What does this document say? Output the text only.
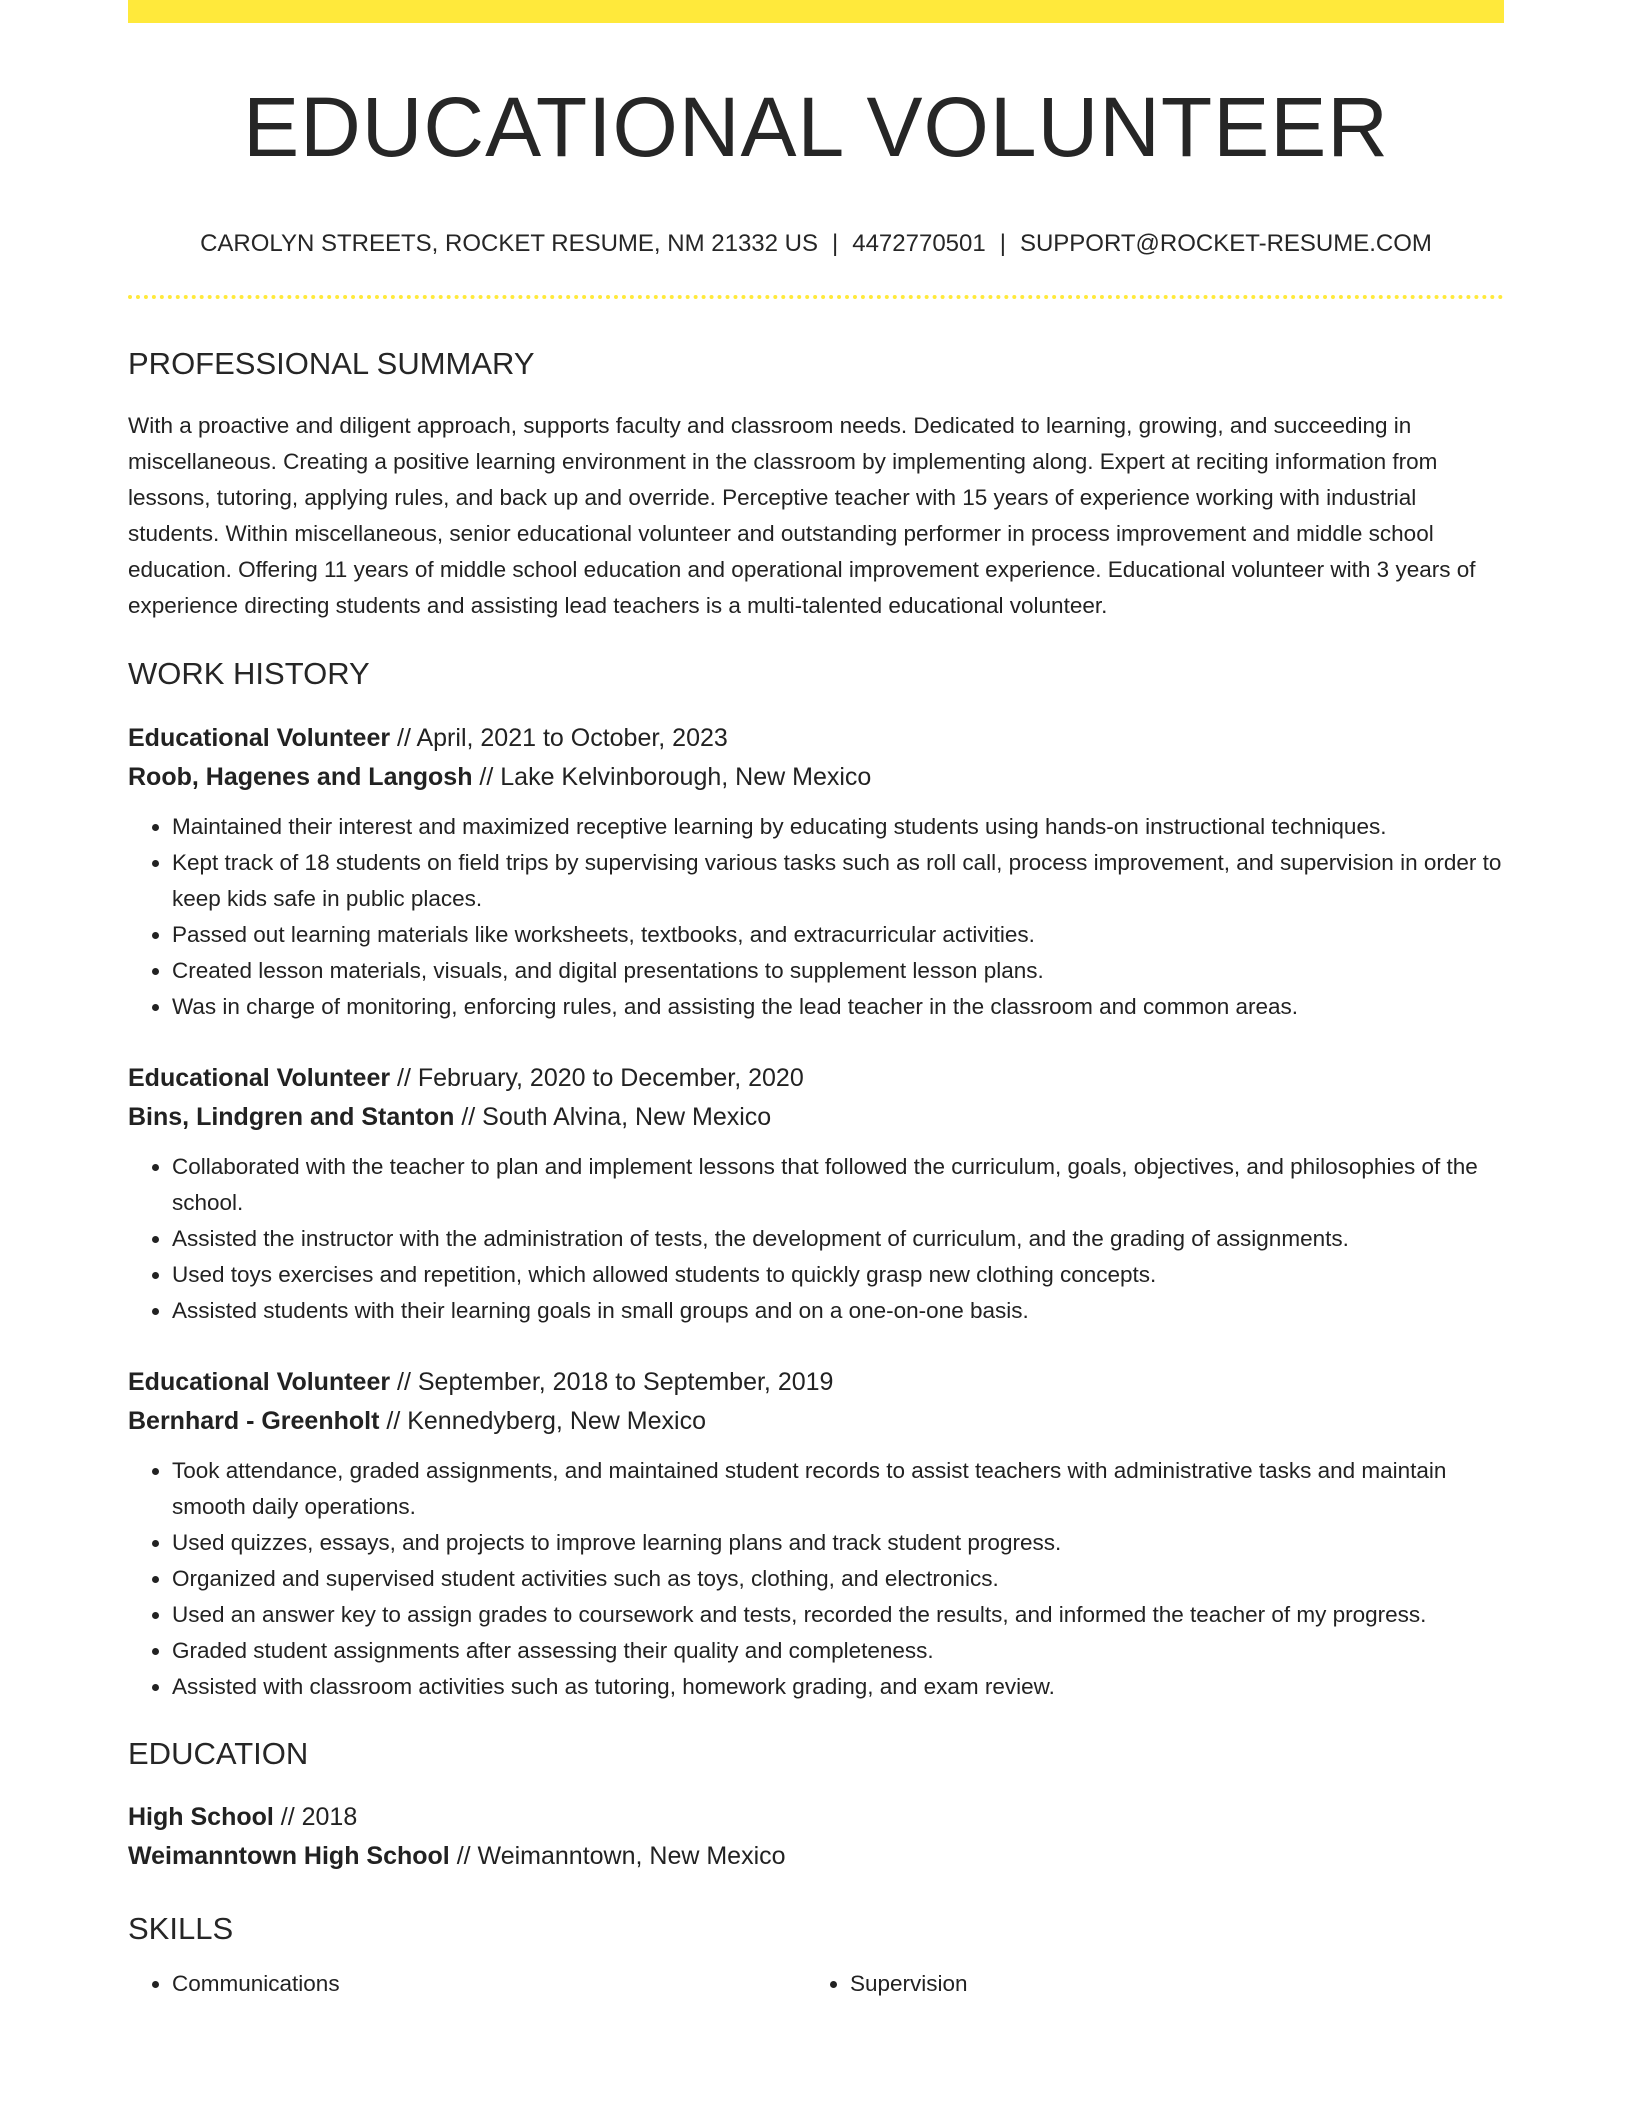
EDUCATIONAL VOLUNTEER
CAROLYN STREETS, ROCKET RESUME, NM 21332 US | 4472770501 | SUPPORT@ROCKET-RESUME.COM
PROFESSIONAL SUMMARY

With a proactive and diligent approach, supports faculty and classroom needs. Dedicated to learning, growing, and succeeding in miscellaneous. Creating a positive learning environment in the classroom by implementing along. Expert at reciting information from lessons, tutoring, applying rules, and back up and override. Perceptive teacher with 15 years of experience working with industrial students. Within miscellaneous, senior educational volunteer and outstanding performer in process improvement and middle school education. Offering 11 years of middle school education and operational improvement experience. Educational volunteer with 3 years of experience directing students and assisting lead teachers is a multi-talented educational volunteer.

WORK HISTORY
Educational Volunteer // April, 2021 to October, 2023
Roob, Hagenes and Langosh // Lake Kelvinborough, New Mexico
• Maintained their interest and maximized receptive learning by educating students using hands-on instructional techniques.
• Kept track of 18 students on field trips by supervising various tasks such as roll call, process improvement, and supervision in order to keep kids safe in public places.
• Passed out learning materials like worksheets, textbooks, and extracurricular activities.
• Created lesson materials, visuals, and digital presentations to supplement lesson plans.
• Was in charge of monitoring, enforcing rules, and assisting the lead teacher in the classroom and common areas.
Educational Volunteer // February, 2020 to December, 2020
Bins, Lindgren and Stanton // South Alvina, New Mexico
• Collaborated with the teacher to plan and implement lessons that followed the curriculum, goals, objectives, and philosophies of the school.
• Assisted the instructor with the administration of tests, the development of curriculum, and the grading of assignments.
• Used toys exercises and repetition, which allowed students to quickly grasp new clothing concepts.
• Assisted students with their learning goals in small groups and on a one-on-one basis.
Educational Volunteer // September, 2018 to September, 2019
Bernhard - Greenholt // Kennedyberg, New Mexico
• Took attendance, graded assignments, and maintained student records to assist teachers with administrative tasks and maintain smooth daily operations.
• Used quizzes, essays, and projects to improve learning plans and track student progress.
• Organized and supervised student activities such as toys, clothing, and electronics.
• Used an answer key to assign grades to coursework and tests, recorded the results, and informed the teacher of my progress.
• Graded student assignments after assessing their quality and completeness.
• Assisted with classroom activities such as tutoring, homework grading, and exam review.
EDUCATION
High School // 2018
Weimanntown High School // Weimanntown, New Mexico
SKILLS
• Communications
•	Supervision
